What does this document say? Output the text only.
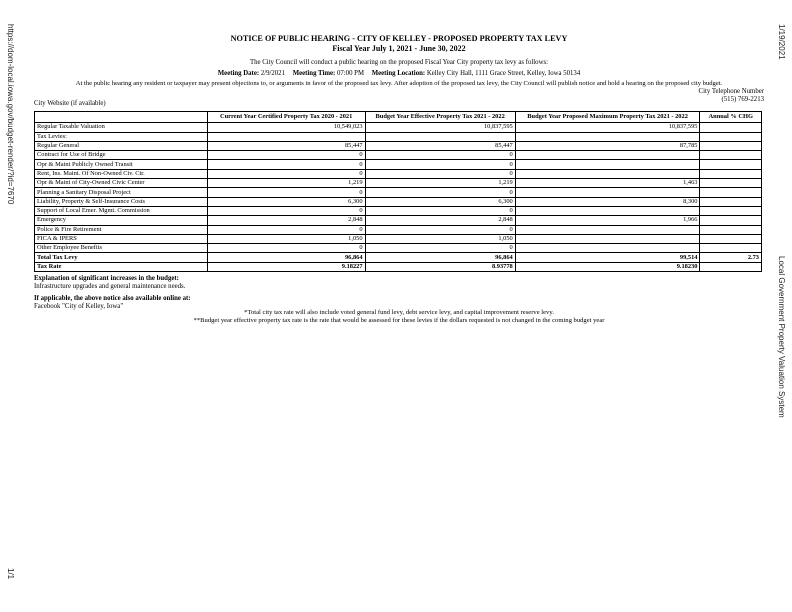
https://dom-local.iowa.gov/budget-render/?id=7670
1/1
1/19/2021
Local Government Property Valuation System
NOTICE OF PUBLIC HEARING - CITY OF KELLEY - PROPOSED PROPERTY TAX LEVY
Fiscal Year July 1, 2021 - June 30, 2022
The City Council will conduct a public hearing on the proposed Fiscal Year City property tax levy as follows:
Meeting Date: 2/9/2021 Meeting Time: 07:00 PM Meeting Location: Kelley City Hall, 1111 Grace Street, Kelley, Iowa 50134
At the public hearing any resident or taxpayer may present objections to, or arguments in favor of the proposed tax levy. After adoption of the proposed tax levy, the City Council will publish notice and hold a hearing on the proposed city budget.
City Website (if available)
City Telephone Number
(515) 769-2213
	Current Year Certified Property Tax 2020 - 2021	Budget Year Effective Property Tax 2021 - 2022	Budget Year Proposed Maximum Property Tax 2021 - 2022	Annual % CHG
Regular Taxable Valuation	10,549,023	10,837,595	10,837,595	
Tax Levies:				
Regular General	85,447	85,447	87,785	
Contract for Use of Bridge	0	0		
Opr & Maint Publicly Owned Transit	0	0		
Rent, Ins. Maint. Of Non-Owned Civ. Ctr.	0	0		
Opr & Maint of City-Owned Civic Center	1,219	1,219	1,463	
Planning a Sanitary Disposal Project	0	0		
Liability, Property & Self-Insurance Costs	6,300	6,300	8,300	
Support of Local Emer. Mgmt. Commission	0	0		
Emergency	2,848	2,848	1,966	
Police & Fire Retirement	0	0		
FICA & IPERS	1,050	1,050		
Other Employee Benefits	0	0		
Total Tax Levy	96,864	96,864	99,514	2.73
Tax Rate	9.18227	8.93778	9.18230	
Explanation of significant increases in the budget:
Infrastructure upgrades and general maintenance needs.
If applicable, the above notice also available online at:
Facebook "City of Kelley, Iowa"
*Total city tax rate will also include voted general fund levy, debt service levy, and capital improvement reserve levy.
**Budget year effective property tax rate is the rate that would be assessed for these levies if the dollars requested is not changed in the coming budget year
